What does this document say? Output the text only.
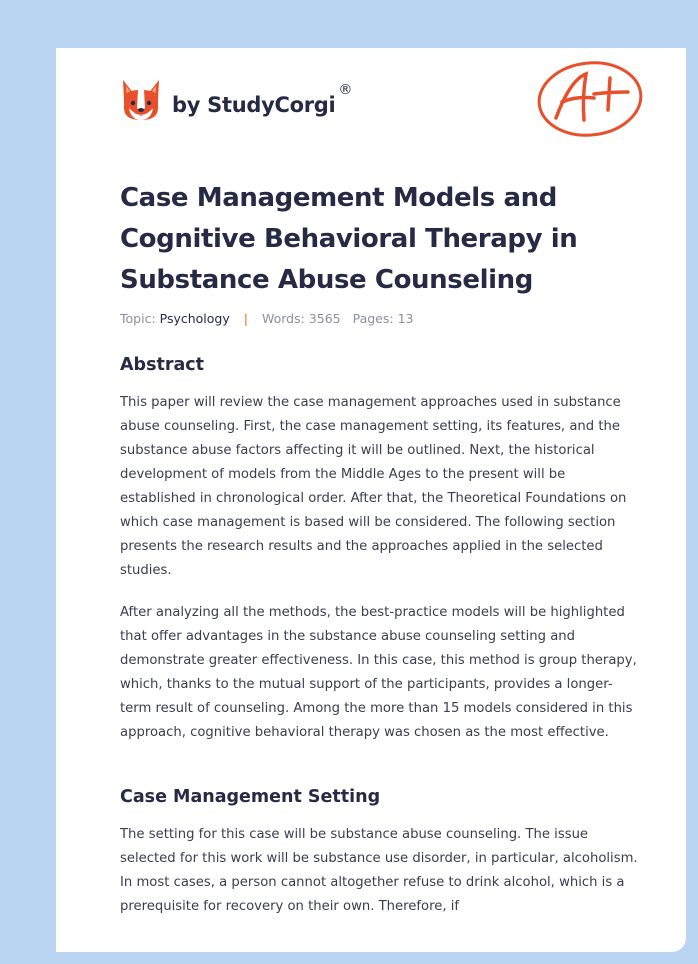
by StudyCorgi
®
Case Management Models and Cognitive Behavioral Therapy in Substance Abuse Counseling
Topic: Psychology | Words: 3565 Pages: 13
Abstract

This paper will review the case management approaches used in substance abuse counseling. First, the case management setting, its features, and the substance abuse factors affecting it will be outlined. Next, the historical development of models from the Middle Ages to the present will be established in chronological order. After that, the Theoretical Foundations on which case management is based will be considered. The following section presents the research results and the approaches applied in the selected studies.

After analyzing all the methods, the best-practice models will be highlighted that offer advantages in the substance abuse counseling setting and demonstrate greater effectiveness. In this case, this method is group therapy, which, thanks to the mutual support of the participants, provides a longer-term result of counseling. Among the more than 15 models considered in this approach, cognitive behavioral therapy was chosen as the most effective.

Case Management Setting

The setting for this case will be substance abuse counseling. The issue selected for this work will be substance use disorder, in particular, alcoholism. In most cases, a person cannot altogether refuse to drink alcohol, which is a prerequisite for recovery on their own. Therefore, if
